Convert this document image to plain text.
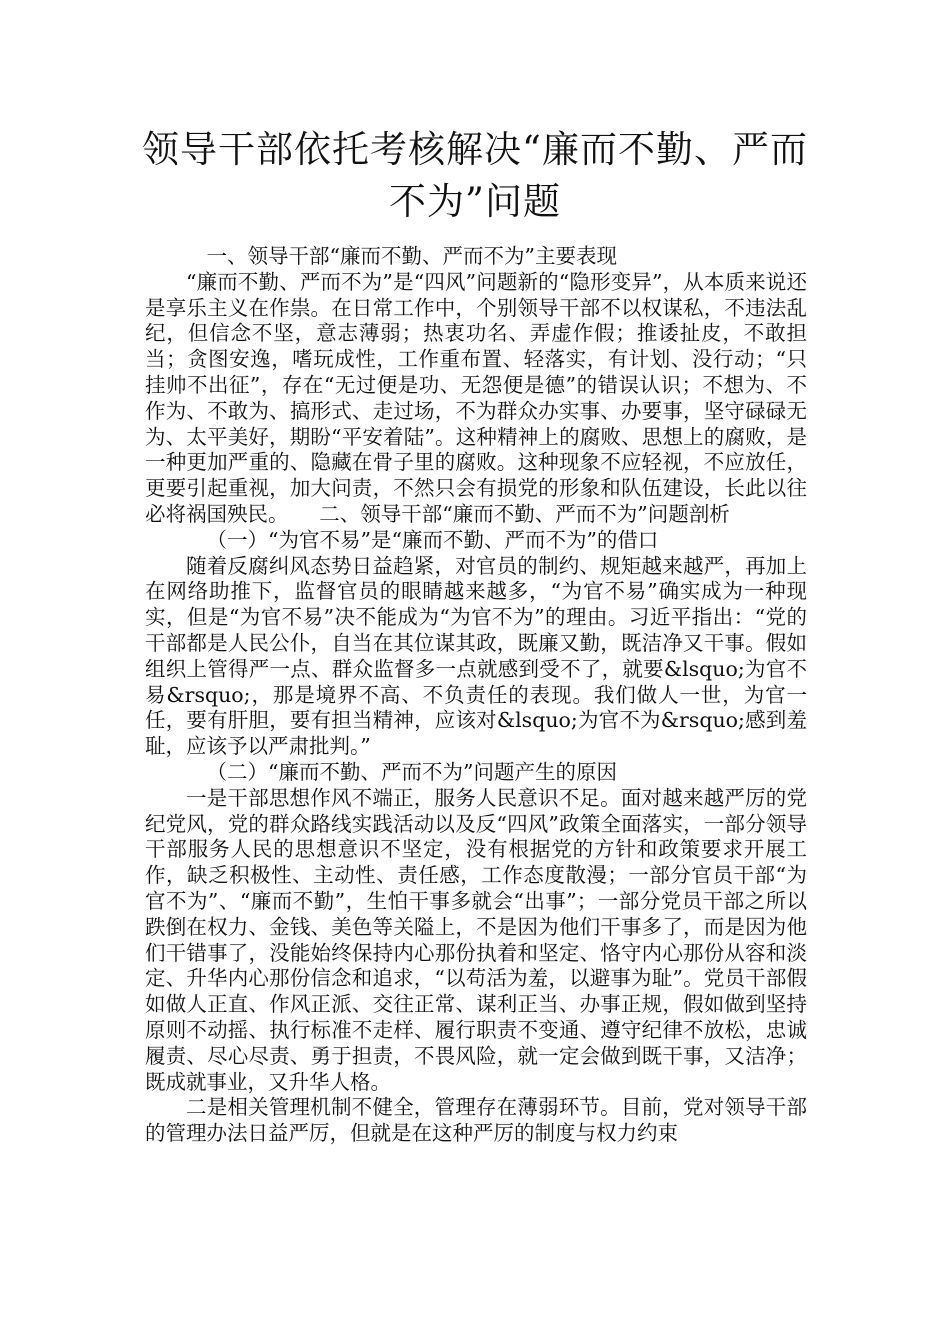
领导干部依托考核解决“廉而不勤、严而
不为”问题

一、领导干部“廉而不勤、严而不为”主要表现

“廉而不勤、严而不为”是“四风”问题新的“隐形变异”，从本质来说还是享乐主义在作祟。在日常工作中，个别领导干部不以权谋私，不违法乱纪，但信念不坚，意志薄弱；热衷功名、弄虚作假；推诿扯皮，不敢担当；贪图安逸，嗜玩成性，工作重布置、轻落实，有计划、没行动；“只挂帅不出征”，存在“无过便是功、无怨便是德”的错误认识；不想为、不作为、不敢为、搞形式、走过场，不为群众办实事、办要事，坚守碌碌无为、太平美好，期盼“平安着陆”。这种精神上的腐败、思想上的腐败，是一种更加严重的、隐藏在骨子里的腐败。这种现象不应轻视，不应放任，更要引起重视，加大问责，不然只会有损党的形象和队伍建设，长此以往必将祸国殃民。　　二、领导干部“廉而不勤、严而不为”问题剖析

（一）“为官不易”是“廉而不勤、严而不为”的借口

随着反腐纠风态势日益趋紧，对官员的制约、规矩越来越严，再加上在网络助推下，监督官员的眼睛越来越多，“为官不易”确实成为一种现实，但是“为官不易”决不能成为“为官不为”的理由。习近平指出：“党的干部都是人民公仆，自当在其位谋其政，既廉又勤，既洁净又干事。假如组织上管得严一点、群众监督多一点就感到受不了，就要&lsquo;为官不易&rsquo;，那是境界不高、不负责任的表现。我们做人一世，为官一任，要有肝胆，要有担当精神，应该对&lsquo;为官不为&rsquo;感到羞耻，应该予以严肃批判。”

（二）“廉而不勤、严而不为”问题产生的原因

一是干部思想作风不端正，服务人民意识不足。面对越来越严厉的党纪党风，党的群众路线实践活动以及反“四风”政策全面落实，一部分领导干部服务人民的思想意识不坚定，没有根据党的方针和政策要求开展工作，缺乏积极性、主动性、责任感，工作态度散漫；一部分官员干部“为官不为”、“廉而不勤”，生怕干事多就会“出事”；一部分党员干部之所以跌倒在权力、金钱、美色等关隘上，不是因为他们干事多了，而是因为他们干错事了，没能始终保持内心那份执着和坚定、恪守内心那份从容和淡定、升华内心那份信念和追求，“以苟活为羞，以避事为耻”。党员干部假如做人正直、作风正派、交往正常、谋利正当、办事正规，假如做到坚持原则不动摇、执行标准不走样、履行职责不变通、遵守纪律不放松，忠诚履责、尽心尽责、勇于担责，不畏风险，就一定会做到既干事，又洁净；既成就事业，又升华人格。

二是相关管理机制不健全，管理存在薄弱环节。目前，党对领导干部的管理办法日益严厉，但就是在这种严厉的制度与权力约束
